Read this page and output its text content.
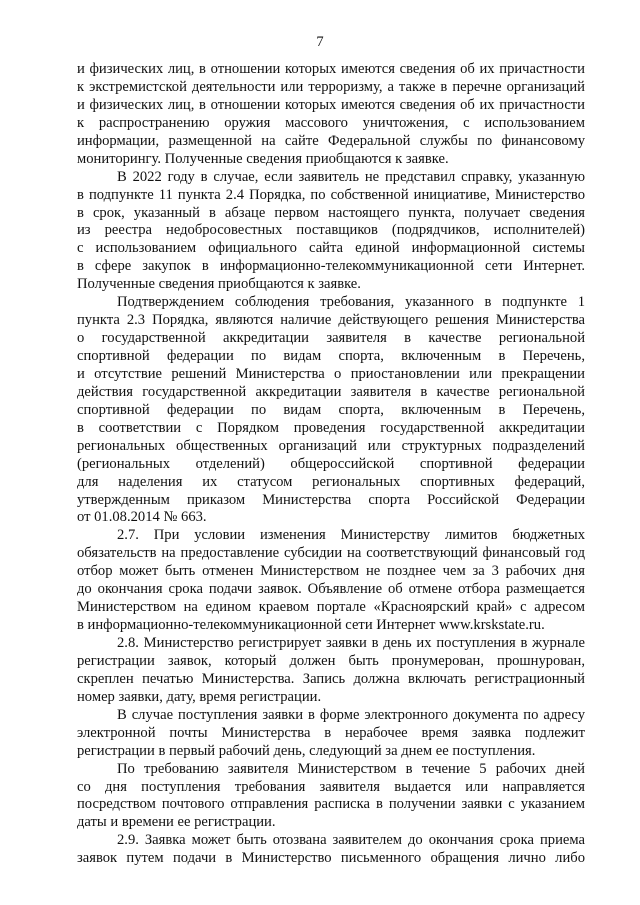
7
и физических лиц, в отношении которых имеются сведения об их причастности
к экстремистской деятельности или терроризму, а также в перечне организаций
и физических лиц, в отношении которых имеются сведения об их причастности
к распространению оружия массового уничтожения, с использованием
информации, размещенной на сайте Федеральной службы по финансовому
мониторингу. Полученные сведения приобщаются к заявке.
В 2022 году в случае, если заявитель не представил справку, указанную
в подпункте 11 пункта 2.4 Порядка, по собственной инициативе, Министерство
в срок, указанный в абзаце первом настоящего пункта, получает сведения
из реестра недобросовестных поставщиков (подрядчиков, исполнителей)
с использованием официального сайта единой информационной системы
в сфере закупок в информационно-телекоммуникационной сети Интернет.
Полученные сведения приобщаются к заявке.
Подтверждением соблюдения требования, указанного в подпункте 1
пункта 2.3 Порядка, являются наличие действующего решения Министерства
о государственной аккредитации заявителя в качестве региональной
спортивной федерации по видам спорта, включенным в Перечень,
и отсутствие решений Министерства о приостановлении или прекращении
действия государственной аккредитации заявителя в качестве региональной
спортивной федерации по видам спорта, включенным в Перечень,
в соответствии с Порядком проведения государственной аккредитации
региональных общественных организаций или структурных подразделений
(региональных отделений) общероссийской спортивной федерации
для наделения их статусом региональных спортивных федераций,
утвержденным приказом Министерства спорта Российской Федерации
от 01.08.2014 № 663.
2.7. При условии изменения Министерству лимитов бюджетных
обязательств на предоставление субсидии на соответствующий финансовый год
отбор может быть отменен Министерством не позднее чем за 3 рабочих дня
до окончания срока подачи заявок. Объявление об отмене отбора размещается
Министерством на едином краевом портале «Красноярский край» с адресом
в информационно-телекоммуникационной сети Интернет www.krskstate.ru.
2.8. Министерство регистрирует заявки в день их поступления в журнале
регистрации заявок, который должен быть пронумерован, прошнурован,
скреплен печатью Министерства. Запись должна включать регистрационный
номер заявки, дату, время регистрации.
В случае поступления заявки в форме электронного документа по адресу
электронной почты Министерства в нерабочее время заявка подлежит
регистрации в первый рабочий день, следующий за днем ее поступления.
По требованию заявителя Министерством в течение 5 рабочих дней
со дня поступления требования заявителя выдается или направляется
посредством почтового отправления расписка в получении заявки с указанием
даты и времени ее регистрации.
2.9. Заявка может быть отозвана заявителем до окончания срока приема
заявок путем подачи в Министерство письменного обращения лично либо
